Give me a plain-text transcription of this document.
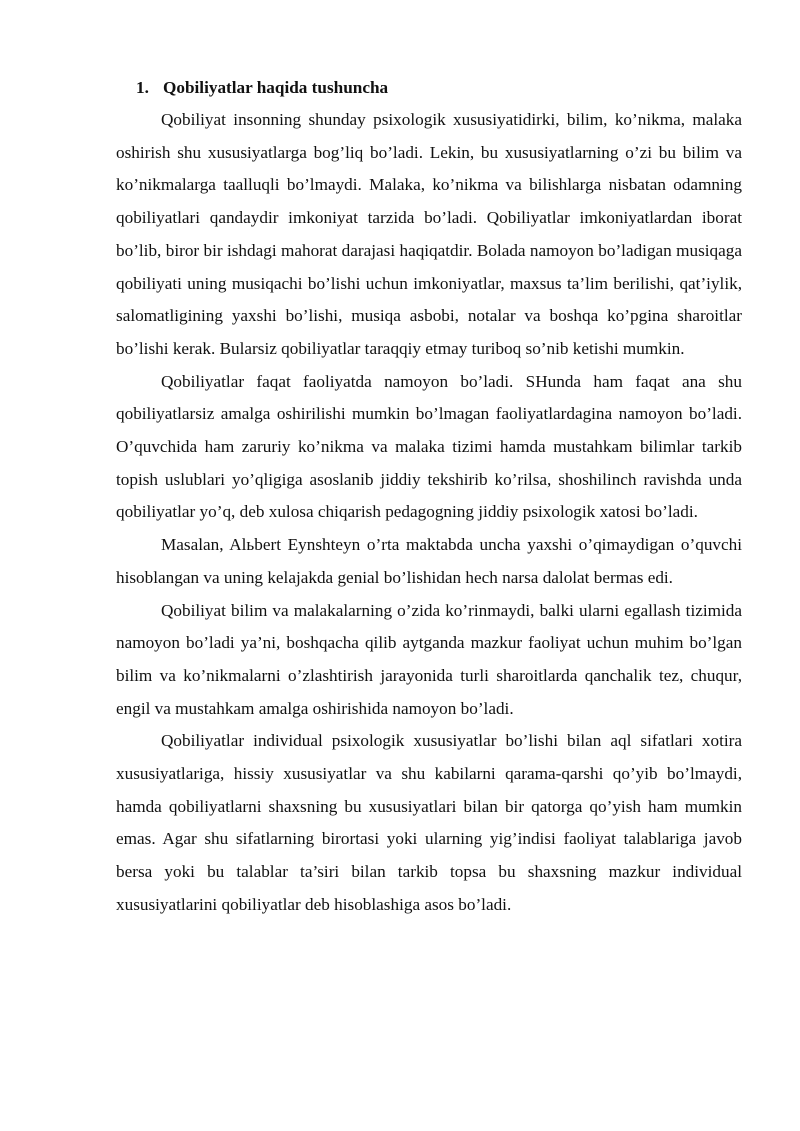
1. Qobiliyatlar haqida tushuncha

Qobiliyat insonning shunday psixologik xususiyatidirki, bilim, ko’nikma, malaka oshirish shu xususiyatlarga bog’liq bo’ladi. Lekin, bu xususiyatlarning o’zi bu bilim va ko’nikmalarga taalluqli bo’lmaydi. Malaka, ko’nikma va bilishlarga nisbatan odamning qobiliyatlari qandaydir imkoniyat tarzida bo’ladi. Qobiliyatlar imkoniyatlardan iborat bo’lib, biror bir ishdagi mahorat darajasi haqiqatdir. Bolada namoyon bo’ladigan musiqaga qobiliyati uning musiqachi bo’lishi uchun imkoniyatlar, maxsus ta’lim berilishi, qat’iylik, salomatligining yaxshi bo’lishi, musiqa asbobi, notalar va boshqa ko’pgina sharoitlar bo’lishi kerak. Bularsiz qobiliyatlar taraqqiy etmay turiboq so’nib ketishi mumkin.

Qobiliyatlar faqat faoliyatda namoyon bo’ladi. SHunda ham faqat ana shu qobiliyatlarsiz amalga oshirilishi mumkin bo’lmagan faoliyatlardagina namoyon bo’ladi. O’quvchida ham zaruriy ko’nikma va malaka tizimi hamda mustahkam bilimlar tarkib topish uslublari yo’qligiga asoslanib jiddiy tekshirib ko’rilsa, shoshilinch ravishda unda qobiliyatlar yo’q, deb xulosa chiqarish pedagogning jiddiy psixologik xatosi bo’ladi.

Masalan, Alьbert Eynshteyn o’rta maktabda uncha yaxshi o’qimaydigan o’quvchi hisoblangan va uning kelajakda genial bo’lishidan hech narsa dalolat bermas edi.

Qobiliyat bilim va malakalarning o’zida ko’rinmaydi, balki ularni egallash tizimida namoyon bo’ladi ya’ni, boshqacha qilib aytganda mazkur faoliyat uchun muhim bo’lgan bilim va ko’nikmalarni o’zlashtirish jarayonida turli sharoitlarda qanchalik tez, chuqur, engil va mustahkam amalga oshirishida namoyon bo’ladi.

Qobiliyatlar individual psixologik xususiyatlar bo’lishi bilan aql sifatlari xotira xususiyatlariga, hissiy xususiyatlar va shu kabilarni qarama-qarshi qo’yib bo’lmaydi, hamda qobiliyatlarni shaxsning bu xususiyatlari bilan bir qatorga qo’yish ham mumkin emas. Agar shu sifatlarning birortasi yoki ularning yig’indisi faoliyat talablariga javob bersa yoki bu talablar ta’siri bilan tarkib topsa bu shaxsning mazkur individual xususiyatlarini qobiliyatlar deb hisoblashiga asos bo’ladi.
